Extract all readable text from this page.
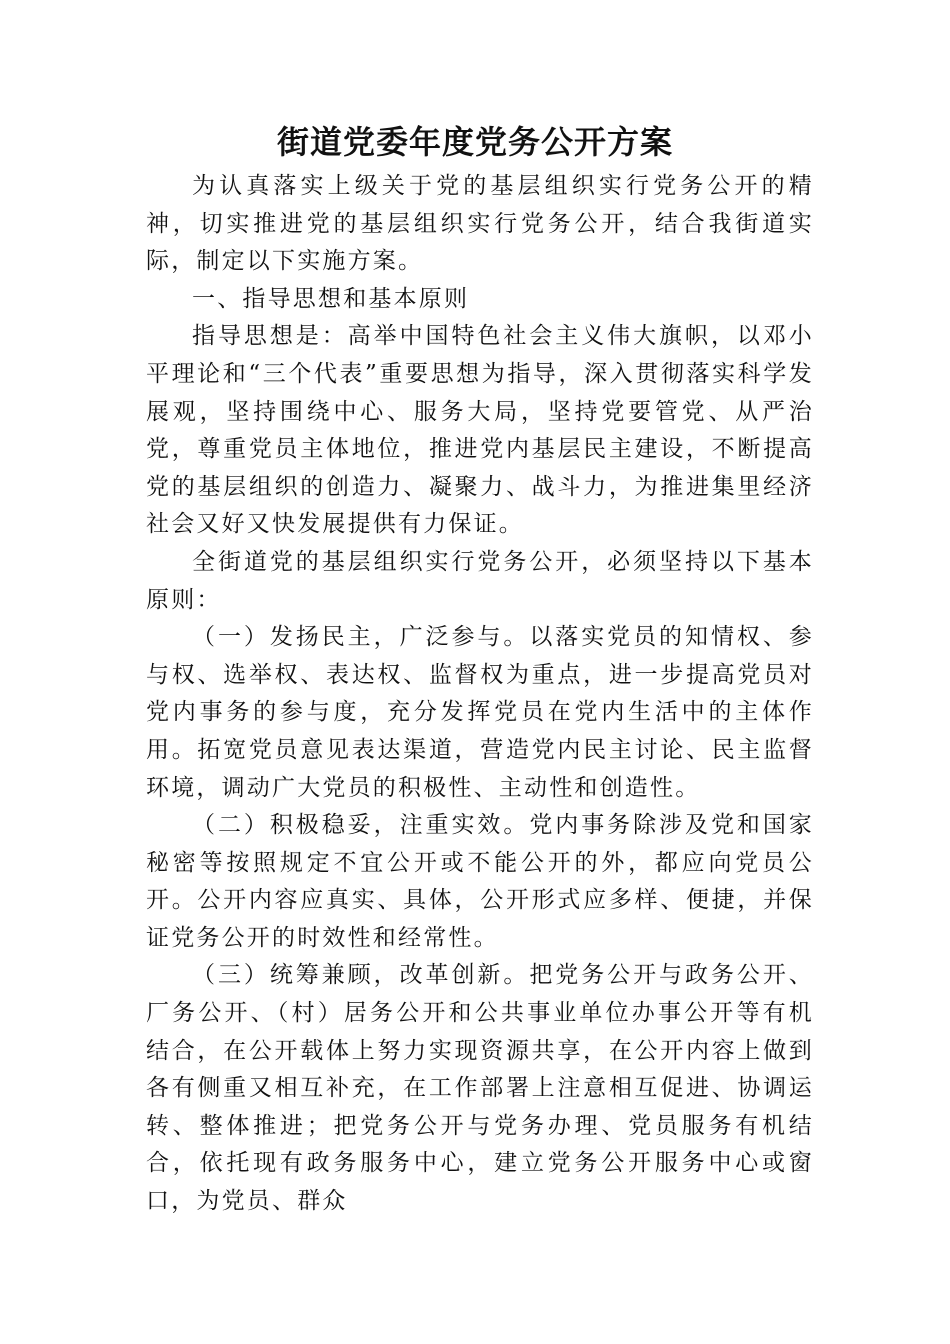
街道党委年度党务公开方案

为认真落实上级关于党的基层组织实行党务公开的精神，切实推进党的基层组织实行党务公开，结合我街道实际，制定以下实施方案。

一、指导思想和基本原则

指导思想是：高举中国特色社会主义伟大旗帜，以邓小平理论和“三个代表”重要思想为指导，深入贯彻落实科学发展观，坚持围绕中心、服务大局，坚持党要管党、从严治党，尊重党员主体地位，推进党内基层民主建设，不断提高党的基层组织的创造力、凝聚力、战斗力，为推进集里经济社会又好又快发展提供有力保证。

全街道党的基层组织实行党务公开，必须坚持以下基本原则：

（一）发扬民主，广泛参与。以落实党员的知情权、参与权、选举权、表达权、监督权为重点，进一步提高党员对党内事务的参与度，充分发挥党员在党内生活中的主体作用。拓宽党员意见表达渠道，营造党内民主讨论、民主监督环境，调动广大党员的积极性、主动性和创造性。

（二）积极稳妥，注重实效。党内事务除涉及党和国家秘密等按照规定不宜公开或不能公开的外，都应向党员公开。公开内容应真实、具体，公开形式应多样、便捷，并保证党务公开的时效性和经常性。

（三）统筹兼顾，改革创新。把党务公开与政务公开、厂务公开、（村）居务公开和公共事业单位办事公开等有机结合，在公开载体上努力实现资源共享，在公开内容上做到各有侧重又相互补充，在工作部署上注意相互促进、协调运转、整体推进；把党务公开与党务办理、党员服务有机结合，依托现有政务服务中心，建立党务公开服务中心或窗口，为党员、群众
